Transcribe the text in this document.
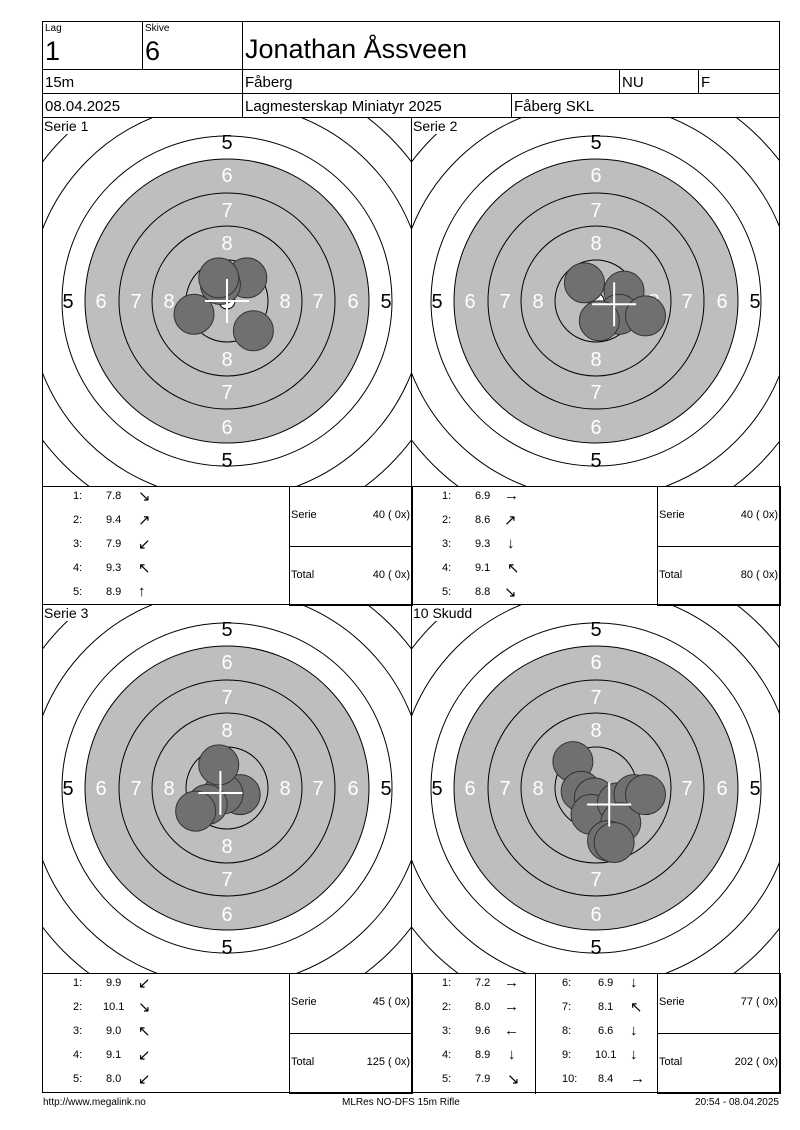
Lag
1
Skive
6	Jonathan Åssveen
15m	Fåberg	NU	F
08.04.2025	Lagmesterskap Miniatyr 2025	Fåberg SKL
5
5
5	5
6
6
6	6
7
7
7	7
8
8
8	8
Serie 1
5
5
5	5
6
6
6	6
7
7
7	7
8
8
8
Serie 2
5
5
5	5
6
6
6	6
7
7
7	7
8
8
8	8
Serie 3
5
5
5	5
6
6
6	6
7
7
7	7
8
8
10 Skudd
1: 7.8 ↘
2: 9.4 ↗
3: 7.9 ↙
4: 9.3 ↖
5: 8.9 ↑
Serie	40 ( 0x)
Total	40 ( 0x)
1: 6.9 →
2: 8.6 ↗
3: 9.3 ↓
4: 9.1 ↖
5: 8.8 ↘
Serie	40 ( 0x)
Total	80 ( 0x)
1: 9.9 ↙
2: 10.1 ↘
3: 9.0 ↖
4: 9.1 ↙
5: 8.0 ↙
Serie	45 ( 0x)
Total	125 ( 0x)
1: 7.2 →
2: 8.0 →
3: 9.6 ←
4: 8.9 ↓
5: 7.9 ↘
6: 6.9 ↓
7: 8.1 ↖
8: 6.6 ↓
9: 10.1 ↓
10: 8.4 →
Serie	77 ( 0x)
Total	202 ( 0x)
http://www.megalink.no	MLRes NO-DFS 15m Rifle	20:54 - 08.04.2025
